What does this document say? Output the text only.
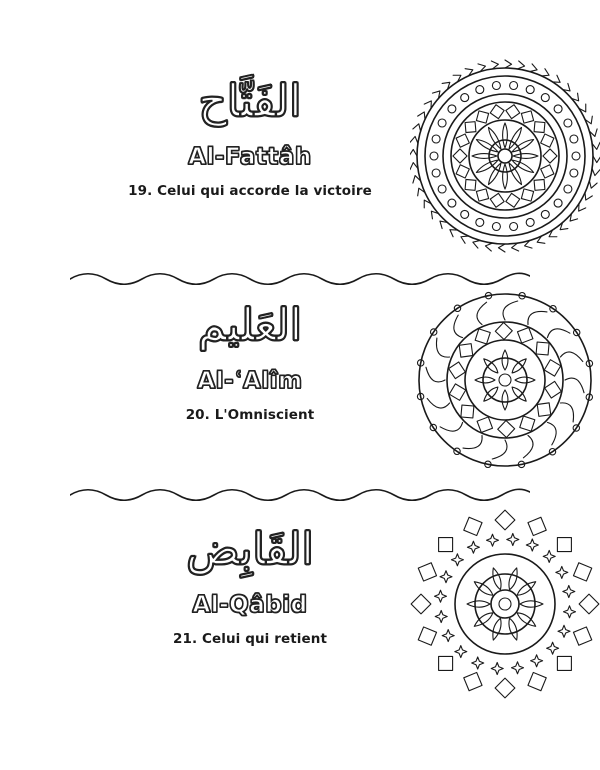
الفَتَّاح
Al-Fattâh
19. Celui qui accorde la victoire
العَليم
Al-ʿAlîm
20. L'Omniscient
القَابِض
Al-Qâbid
21. Celui qui retient
